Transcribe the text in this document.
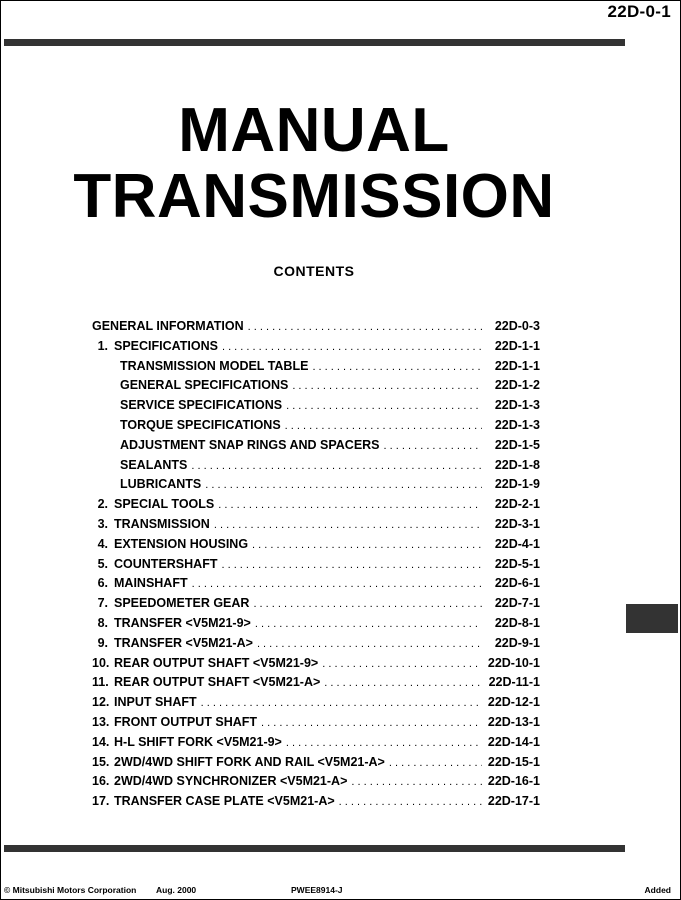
22D-0-1
MANUAL
TRANSMISSION
CONTENTS
GENERAL INFORMATION . . .	22D-0-3
1. SPECIFICATIONS . . .	22D-1-1
TRANSMISSION MODEL TABLE . . .	22D-1-1
GENERAL SPECIFICATIONS . . .	22D-1-2
SERVICE SPECIFICATIONS . . .	22D-1-3
TORQUE SPECIFICATIONS . . .	22D-1-3
ADJUSTMENT SNAP RINGS AND SPACERS . . .	22D-1-5
SEALANTS . . .	22D-1-8
LUBRICANTS . . .	22D-1-9
2. SPECIAL TOOLS . . .	22D-2-1
3. TRANSMISSION . . .	22D-3-1
4. EXTENSION HOUSING . . .	22D-4-1
5. COUNTERSHAFT . . .	22D-5-1
6. MAINSHAFT . . .	22D-6-1
7. SPEEDOMETER GEAR . . .	22D-7-1
8. TRANSFER <V5M21-9> . . .	22D-8-1
9. TRANSFER <V5M21-A> . . .	22D-9-1
10. REAR OUTPUT SHAFT <V5M21-9> . . .	22D-10-1
11. REAR OUTPUT SHAFT <V5M21-A> . . .	22D-11-1
12. INPUT SHAFT . . .	22D-12-1
13. FRONT OUTPUT SHAFT . . .	22D-13-1
14. H-L SHIFT FORK <V5M21-9> . . .	22D-14-1
15. 2WD/4WD SHIFT FORK AND RAIL <V5M21-A> . . .	22D-15-1
16. 2WD/4WD SYNCHRONIZER <V5M21-A> . . .	22D-16-1
17. TRANSFER CASE PLATE <V5M21-A> . . .	22D-17-1
© Mitsubishi Motors Corporation Aug. 2000	PWEE8914-J	Added
